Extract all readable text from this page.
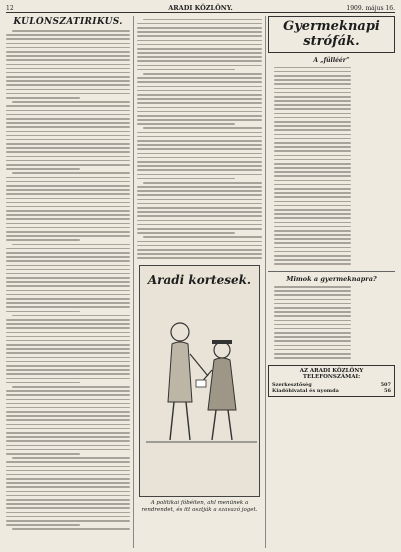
12	ARADI KÖZLÖNY.	1909. május 16.
KÜLÖNSZATIRIKUS.
Aradi kortesek.
A politikai fóbéiten, ahl menünek a rendrendet, és itt osztják a szavazó joget.
Gyermeknapi strófák.
A „fülléér”
Mimok a gyermeknapra?
AZ ARADI KÖZLÖNY TELEFONSZÁMAI:
Szerkesztőség	507
Kiadóhivatal és nyomda	56
